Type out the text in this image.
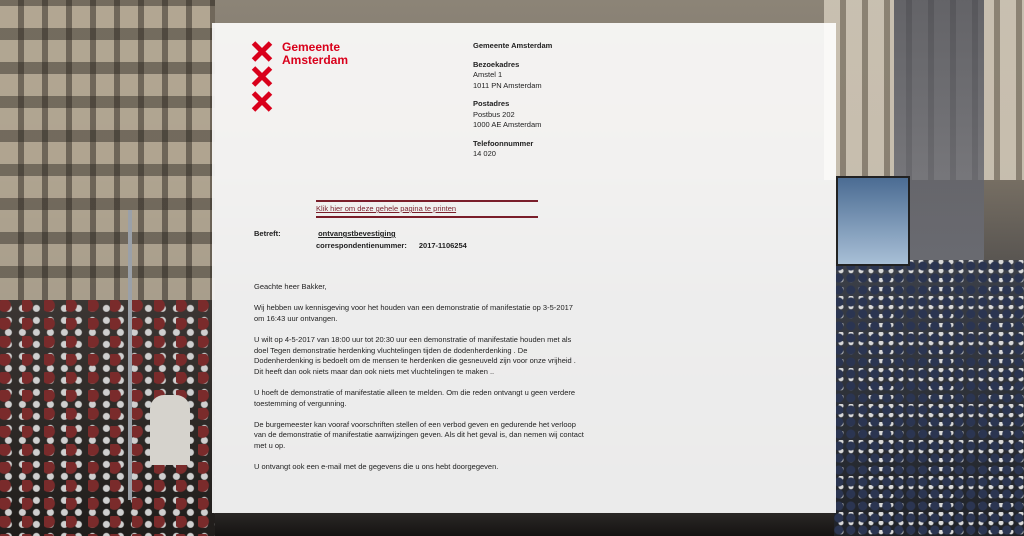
Gemeente
Amsterdam
Gemeente Amsterdam
Bezoekadres
Amstel 1
1011 PN Amsterdam
Postadres
Postbus 202
1000 AE Amsterdam
Telefoonnummer
14 020
Klik hier om deze gehele pagina te printen
Betreft:	ontvangstbevestiging
correspondentienummer: 2017-1106254

Geachte heer Bakker,

Wij hebben uw kennisgeving voor het houden van een demonstratie of manifestatie op 3-5-2017 om 16:43 uur ontvangen.

U wilt op 4-5-2017 van 18:00 uur tot 20:30 uur een demonstratie of manifestatie houden met als doel Tegen demonstratie herdenking vluchtelingen tijden de dodenherdenking . De Dodenherdenking is bedoelt om de mensen te herdenken die gesneuveld zijn voor onze vrijheid . Dit heeft dan ook niets maar dan ook niets met vluchtelingen te maken ..

U hoeft de demonstratie of manifestatie alleen te melden. Om die reden ontvangt u geen verdere toestemming of vergunning.

De burgemeester kan vooraf voorschriften stellen of een verbod geven en gedurende het verloop van de demonstratie of manifestatie aanwijzingen geven. Als dit het geval is, dan nemen wij contact met u op.

U ontvangt ook een e-mail met de gegevens die u ons hebt doorgegeven.
